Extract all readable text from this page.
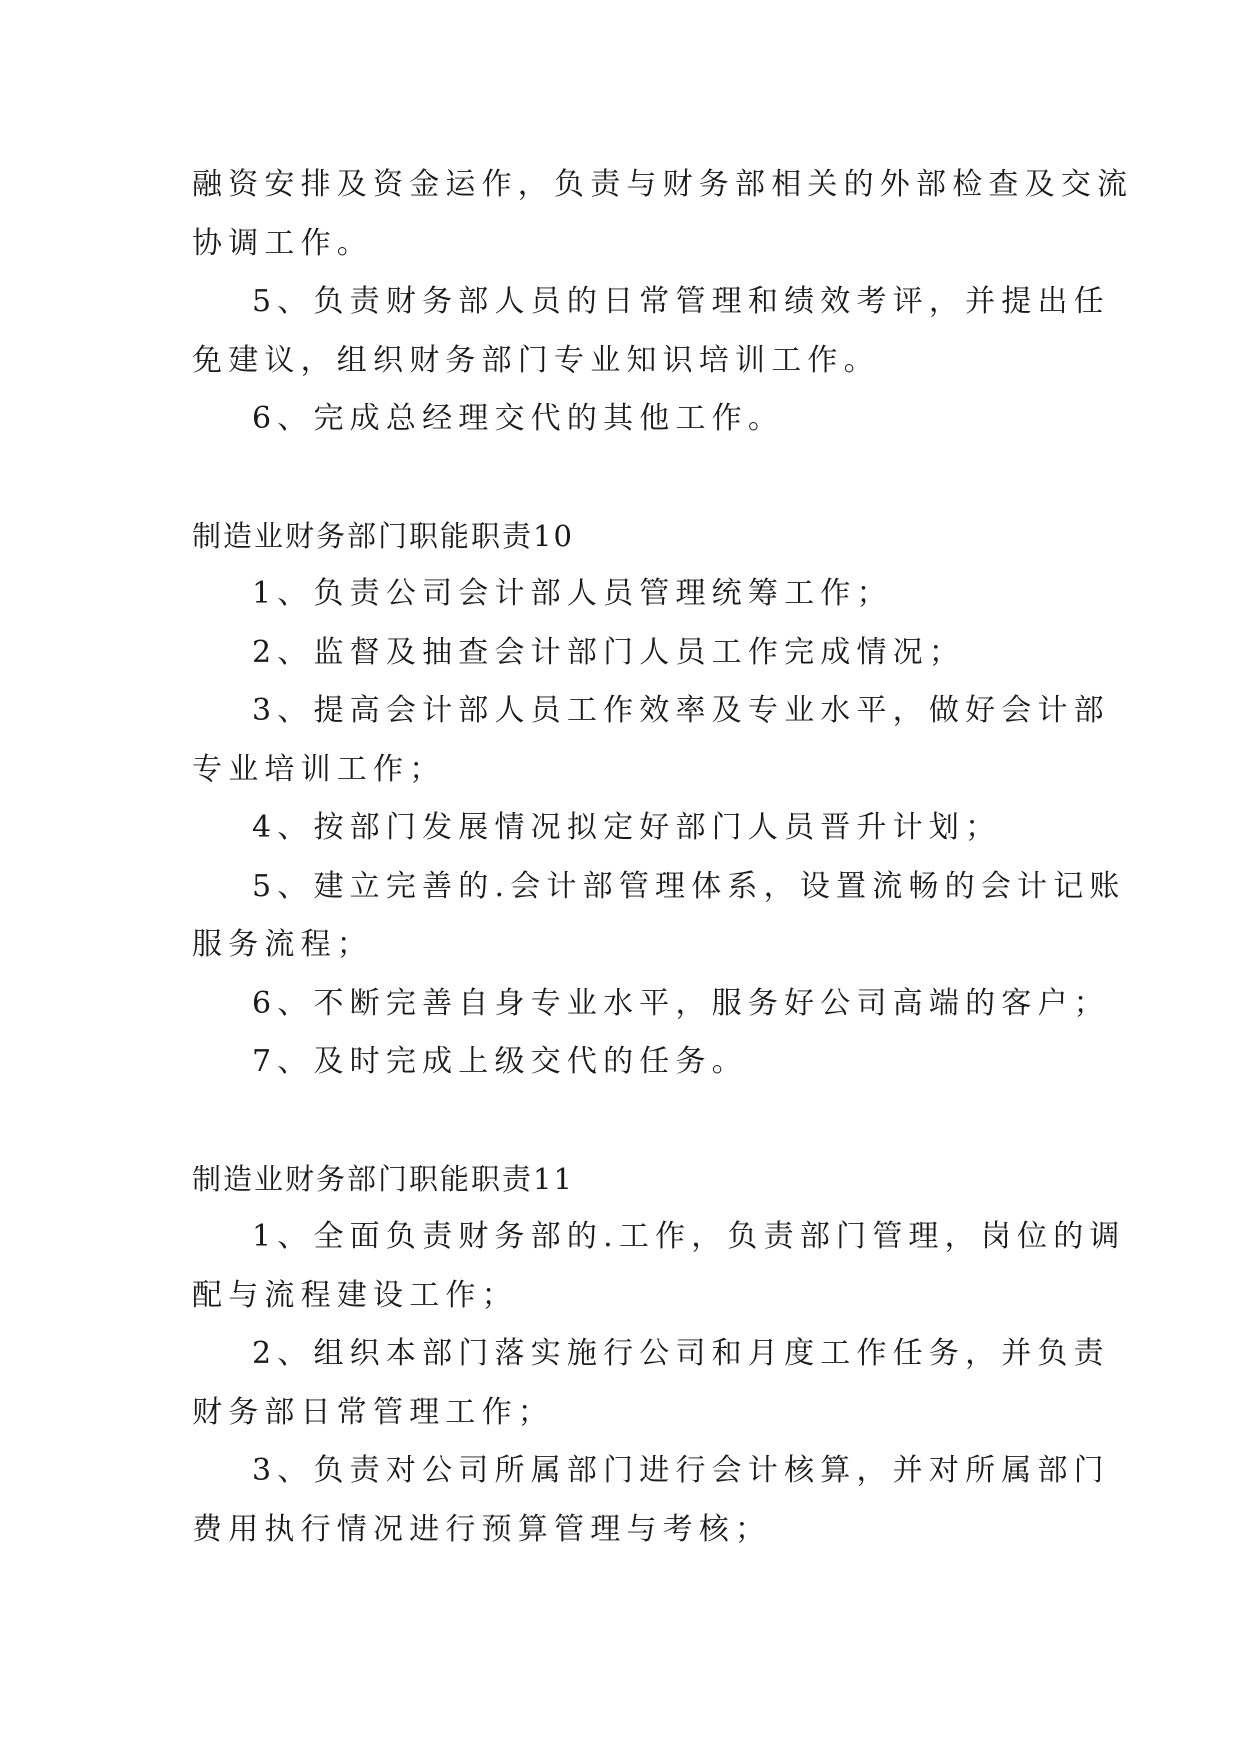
融资安排及资金运作，负责与财务部相关的外部检查及交流
协调工作。
5、负责财务部人员的日常管理和绩效考评，并提出任
免建议，组织财务部门专业知识培训工作。
6、完成总经理交代的其他工作。
制造业财务部门职能职责10
1、负责公司会计部人员管理统筹工作；
2、监督及抽查会计部门人员工作完成情况；
3、提高会计部人员工作效率及专业水平，做好会计部
专业培训工作；
4、按部门发展情况拟定好部门人员晋升计划；
5、建立完善的.会计部管理体系，设置流畅的会计记账
服务流程；
6、不断完善自身专业水平，服务好公司高端的客户；
7、及时完成上级交代的任务。
制造业财务部门职能职责11
1、全面负责财务部的.工作，负责部门管理，岗位的调
配与流程建设工作；
2、组织本部门落实施行公司和月度工作任务，并负责
财务部日常管理工作；
3、负责对公司所属部门进行会计核算，并对所属部门
费用执行情况进行预算管理与考核；
